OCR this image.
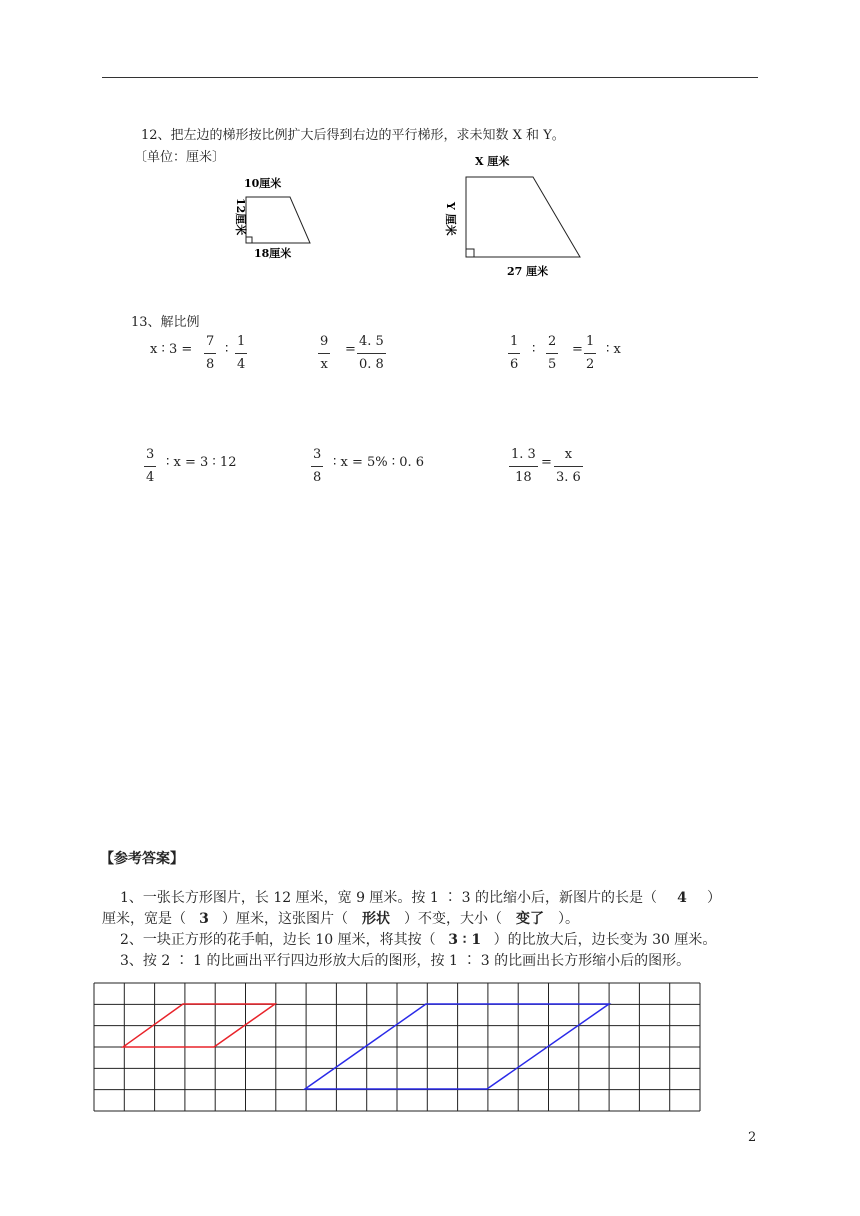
12、把左边的梯形按比例扩大后得到右边的平行梯形，求未知数 X 和 Y。
〔单位：厘米〕
10厘米
12厘米
18厘米
X 厘米
Y 厘米
27 厘米
13、解比例
x ∶ 3 =
7
8
∶
1
4
9
x
=
4. 5
0. 8
1
6
∶
2
5
=
1
2
∶ x
3
4
∶ x = 3 ∶ 12
3
8
∶ x = 5% ∶ 0. 6
1. 3
18
=
x
3. 6
【参考答案】
1、一张长方形图片，长 12 厘米，宽 9 厘米。按 1 ∶ 3 的比缩小后，新图片的长是（ 4 ）
厘米，宽是（ 3 ）厘米，这张图片（ 形状 ）不变，大小（ 变了 ）。
2、一块正方形的花手帕，边长 10 厘米，将其按（ 3 ∶ 1 ）的比放大后，边长变为 30 厘米。
3、按 2 ∶ 1 的比画出平行四边形放大后的图形，按 1 ∶ 3 的比画出长方形缩小后的图形。
2
